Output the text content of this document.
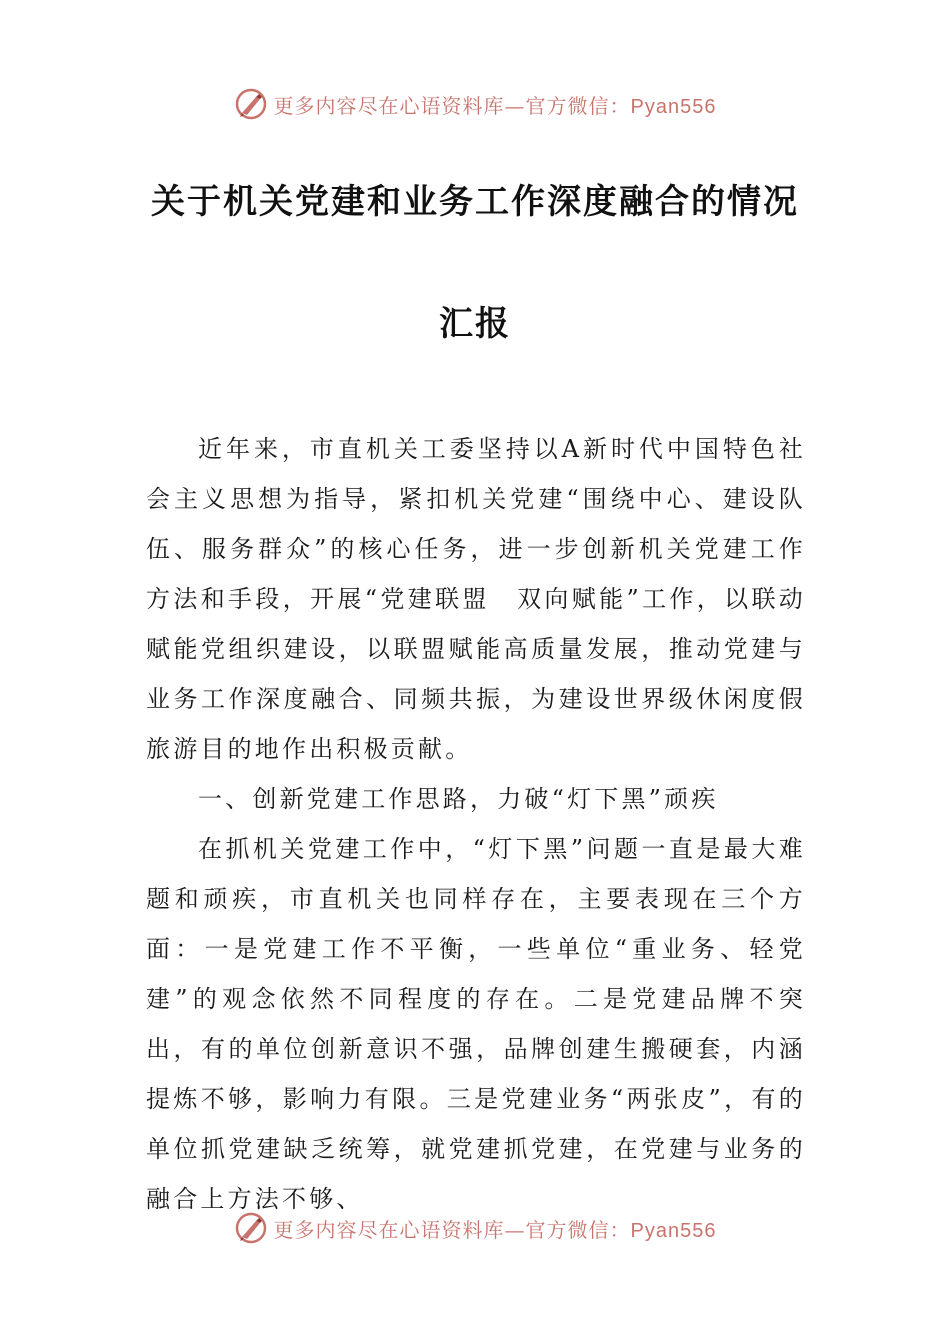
更多内容尽在心语资料库—官方微信：Pyan556
关于机关党建和业务工作深度融合的情况
汇报

近年来，市直机关工委坚持以A新时代中国特色社会主义思想为指导，紧扣机关党建“围绕中心、建设队伍、服务群众”的核心任务，进一步创新机关党建工作方法和手段，开展“党建联盟　双向赋能”工作，以联动赋能党组织建设，以联盟赋能高质量发展，推动党建与业务工作深度融合、同频共振，为建设世界级休闲度假旅游目的地作出积极贡献。

一、创新党建工作思路，力破“灯下黑”顽疾

在抓机关党建工作中，“灯下黑”问题一直是最大难题和顽疾，市直机关也同样存在，主要表现在三个方面：一是党建工作不平衡，一些单位“重业务、轻党建”的观念依然不同程度的存在。二是党建品牌不突出，有的单位创新意识不强，品牌创建生搬硬套，内涵提炼不够，影响力有限。三是党建业务“两张皮”，有的单位抓党建缺乏统筹，就党建抓党建，在党建与业务的融合上方法不够、

更多内容尽在心语资料库—官方微信：Pyan556
